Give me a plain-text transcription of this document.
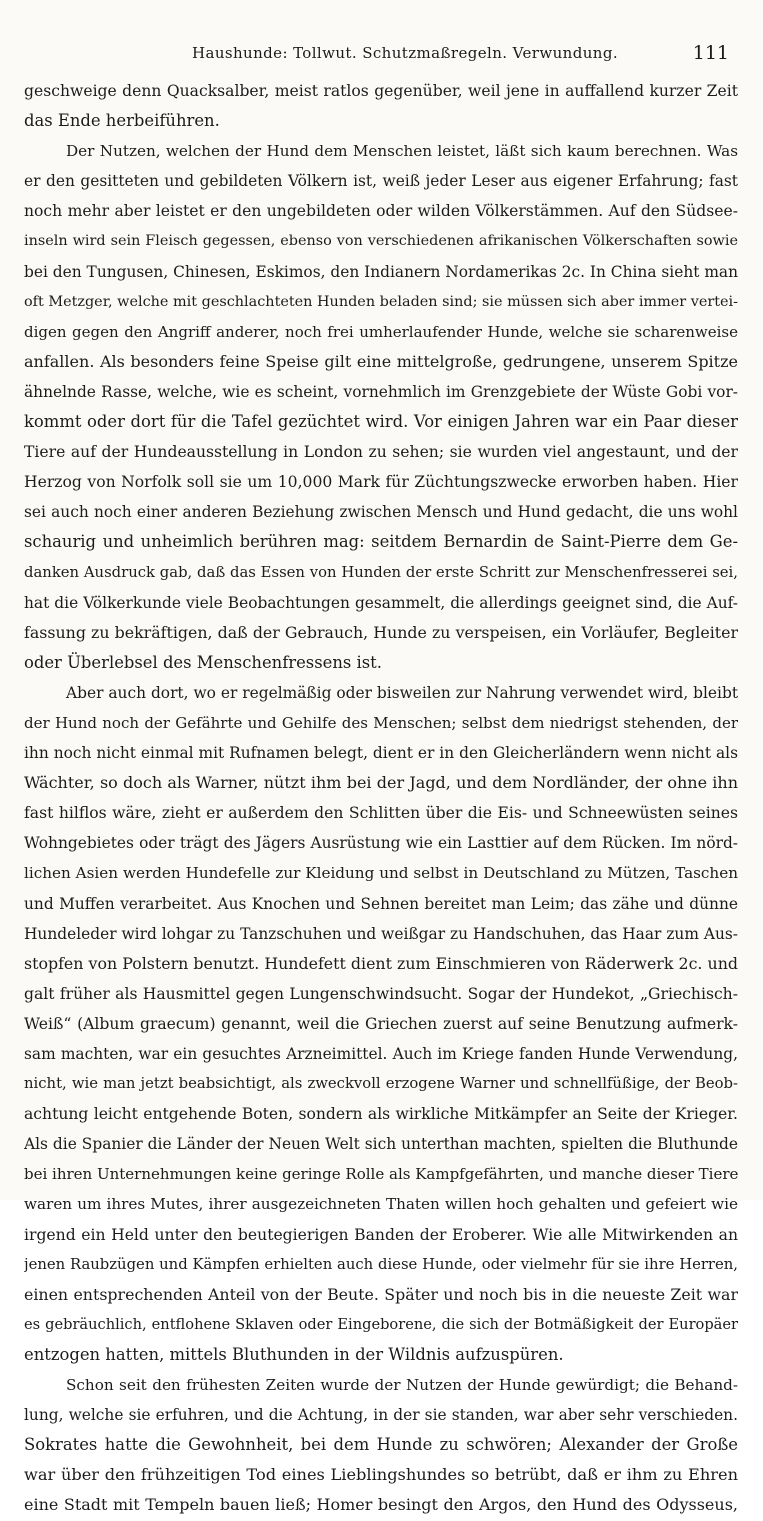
Haushunde: Tollwut. Schutzmaßregeln. Verwundung.	111
geschweige denn Quacksalber, meist ratlos gegenüber, weil jene in auffallend kurzer Zeit
das Ende herbeiführen.
Der Nutzen, welchen der Hund dem Menschen leistet, läßt sich kaum berechnen. Was
er den gesitteten und gebildeten Völkern ist, weiß jeder Leser aus eigener Erfahrung; fast
noch mehr aber leistet er den ungebildeten oder wilden Völkerstämmen. Auf den Südsee-
inseln wird sein Fleisch gegessen, ebenso von verschiedenen afrikanischen Völkerschaften sowie
bei den Tungusen, Chinesen, Eskimos, den Indianern Nordamerikas 2c. In China sieht man
oft Metzger, welche mit geschlachteten Hunden beladen sind; sie müssen sich aber immer vertei-
digen gegen den Angriff anderer, noch frei umherlaufender Hunde, welche sie scharenweise
anfallen. Als besonders feine Speise gilt eine mittelgroße, gedrungene, unserem Spitze
ähnelnde Rasse, welche, wie es scheint, vornehmlich im Grenzgebiete der Wüste Gobi vor-
kommt oder dort für die Tafel gezüchtet wird. Vor einigen Jahren war ein Paar dieser
Tiere auf der Hundeausstellung in London zu sehen; sie wurden viel angestaunt, und der
Herzog von Norfolk soll sie um 10,000 Mark für Züchtungszwecke erworben haben. Hier
sei auch noch einer anderen Beziehung zwischen Mensch und Hund gedacht, die uns wohl
schaurig und unheimlich berühren mag: seitdem Bernardin de Saint-Pierre dem Ge-
danken Ausdruck gab, daß das Essen von Hunden der erste Schritt zur Menschenfresserei sei,
hat die Völkerkunde viele Beobachtungen gesammelt, die allerdings geeignet sind, die Auf-
fassung zu bekräftigen, daß der Gebrauch, Hunde zu verspeisen, ein Vorläufer, Begleiter
oder Überlebsel des Menschenfressens ist.
Aber auch dort, wo er regelmäßig oder bisweilen zur Nahrung verwendet wird, bleibt
der Hund noch der Gefährte und Gehilfe des Menschen; selbst dem niedrigst stehenden, der
ihn noch nicht einmal mit Rufnamen belegt, dient er in den Gleicherländern wenn nicht als
Wächter, so doch als Warner, nützt ihm bei der Jagd, und dem Nordländer, der ohne ihn
fast hilflos wäre, zieht er außerdem den Schlitten über die Eis- und Schneewüsten seines
Wohngebietes oder trägt des Jägers Ausrüstung wie ein Lasttier auf dem Rücken. Im nörd-
lichen Asien werden Hundefelle zur Kleidung und selbst in Deutschland zu Mützen, Taschen
und Muffen verarbeitet. Aus Knochen und Sehnen bereitet man Leim; das zähe und dünne
Hundeleder wird lohgar zu Tanzschuhen und weißgar zu Handschuhen, das Haar zum Aus-
stopfen von Polstern benutzt. Hundefett dient zum Einschmieren von Räderwerk 2c. und
galt früher als Hausmittel gegen Lungenschwindsucht. Sogar der Hundekot, „Griechisch-
Weiß“ (Album graecum) genannt, weil die Griechen zuerst auf seine Benutzung aufmerk-
sam machten, war ein gesuchtes Arzneimittel. Auch im Kriege fanden Hunde Verwendung,
nicht, wie man jetzt beabsichtigt, als zweckvoll erzogene Warner und schnellfüßige, der Beob-
achtung leicht entgehende Boten, sondern als wirkliche Mitkämpfer an Seite der Krieger.
Als die Spanier die Länder der Neuen Welt sich unterthan machten, spielten die Bluthunde
bei ihren Unternehmungen keine geringe Rolle als Kampfgefährten, und manche dieser Tiere
waren um ihres Mutes, ihrer ausgezeichneten Thaten willen hoch gehalten und gefeiert wie
irgend ein Held unter den beutegierigen Banden der Eroberer. Wie alle Mitwirkenden an
jenen Raubzügen und Kämpfen erhielten auch diese Hunde, oder vielmehr für sie ihre Herren,
einen entsprechenden Anteil von der Beute. Später und noch bis in die neueste Zeit war
es gebräuchlich, entflohene Sklaven oder Eingeborene, die sich der Botmäßigkeit der Europäer
entzogen hatten, mittels Bluthunden in der Wildnis aufzuspüren.
Schon seit den frühesten Zeiten wurde der Nutzen der Hunde gewürdigt; die Behand-
lung, welche sie erfuhren, und die Achtung, in der sie standen, war aber sehr verschieden.
Sokrates hatte die Gewohnheit, bei dem Hunde zu schwören; Alexander der Große
war über den frühzeitigen Tod eines Lieblingshundes so betrübt, daß er ihm zu Ehren
eine Stadt mit Tempeln bauen ließ; Homer besingt den Argos, den Hund des Odysseus,
